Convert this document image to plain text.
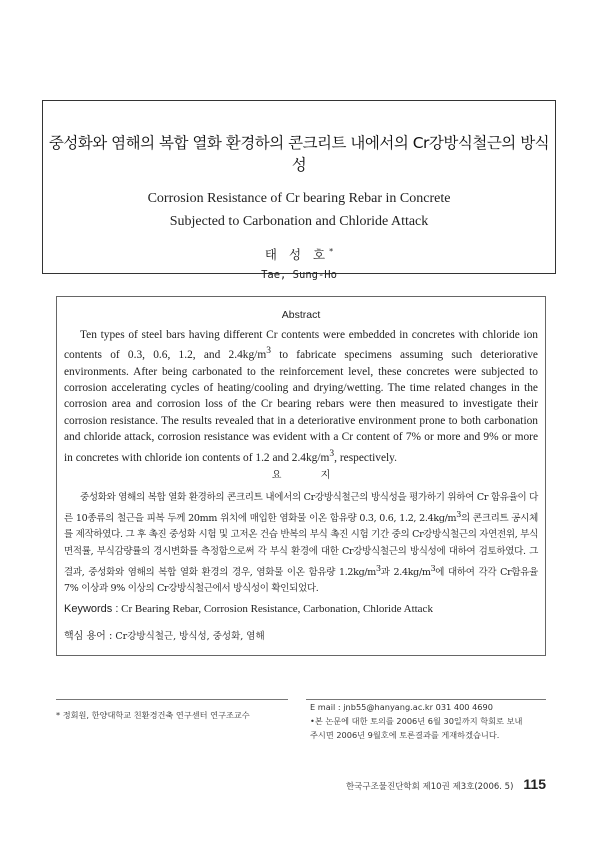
중성화와 염해의 복합 열화 환경하의 콘크리트 내에서의 Cr강방식철근의 방식성
Corrosion Resistance of Cr bearing Rebar in Concrete
Subjected to Carbonation and Chloride Attack
태 성 호*
Tae, Sung-Ho
Abstract

Ten types of steel bars having different Cr contents were embedded in concretes with chloride ion contents of 0.3, 0.6, 1.2, and $2.4kg/m^3$ to fabricate specimens assuming such deteriorative environments. After being carbonated to the reinforcement level, these concretes were subjected to corrosion accelerating cycles of heating/cooling and drying/wetting. The time related changes in the corrosion area and corrosion loss of the Cr bearing rebars were then measured to investigate their corrosion resistance. The results revealed that in a deteriorative environment prone to both carbonation and chloride attack, corrosion resistance was evident with a Cr content of 7% or more and 9% or more in concretes with chloride ion contents of 1.2 and $2.4kg/m^3$, respectively.

요 지

중성화와 염해의 복합 열화 환경하의 콘크리트 내에서의 Cr강방식철근의 방식성을 평가하기 위하여 Cr 함유율이 다른 10종류의 철근을 피복 두께 20mm 위치에 매입한 염화물 이온 함유량 0.3, 0.6, 1.2, $2.4kg/m^3$의 콘크리트 공시체를 제작하였다. 그 후 촉진 중성화 시험 및 고저온 건습 반복의 부식 촉진 시험 기간 중의 Cr강방식철근의 자연전위, 부식면적률, 부식감량률의 경시변화를 측정함으로써 각 부식 환경에 대한 Cr강방식철근의 방식성에 대하여 검토하였다. 그 결과, 중성화와 염해의 복합 열화 환경의 경우, 염화물 이온 함유량 $1.2kg/m^3$과 $2.4kg/m^3$에 대하여 각각 Cr함유율 7% 이상과 9% 이상의 Cr강방식철근에서 방식성이 확인되었다.

Keywords : Cr Bearing Rebar, Corrosion Resistance, Carbonation, Chloride Attack
핵심 용어 : Cr강방식철근, 방식성, 중성화, 염해
* 정회원, 한양대학교 친환경건축 연구센터 연구조교수
E mail : jnb55@hanyang.ac.kr 031 400 4690
•본 논문에 대한 토의를 2006년 6월 30일까지 학회로 보내
주시면 2006년 9월호에 토론결과를 게재하겠습니다.
한국구조물진단학회 제10권 제3호(2006. 5) 115
